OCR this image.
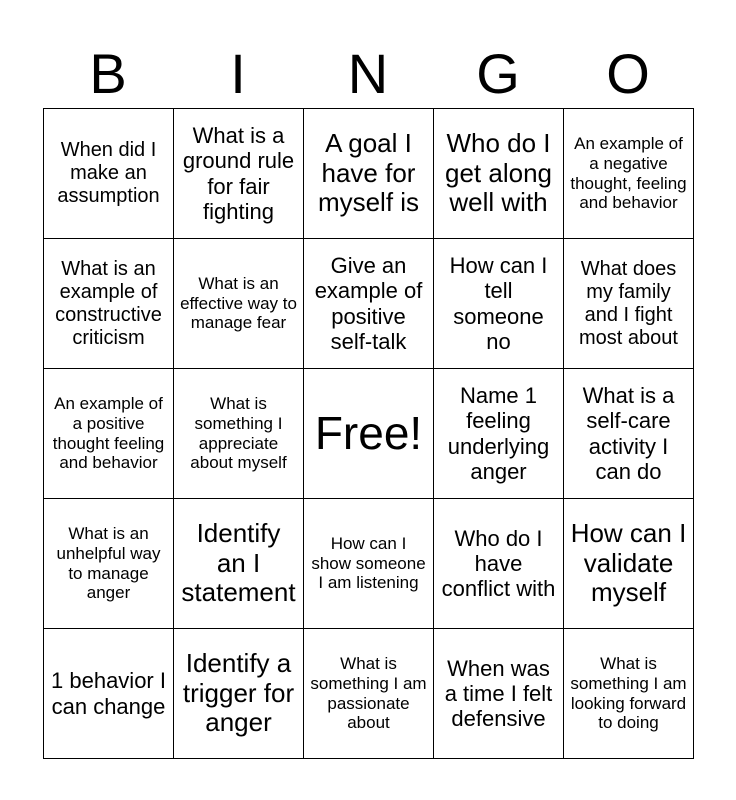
B	I	N	G	O
When did I make an assumption	What is a ground rule for fair fighting	A goal I have for myself is	Who do I get along well with	An example of a negative thought, feeling and behavior
What is an example of constructive criticism	What is an effective way to manage fear	Give an example of positive self-talk	How can I tell someone no	What does my family and I fight most about
An example of a positive thought feeling and behavior	What is something I appreciate about myself	Free!	Name 1 feeling underlying anger	What is a self-care activity I can do
What is an unhelpful way to manage anger	Identify an I statement	How can I show someone I am listening	Who do I have conflict with	How can I validate myself
1 behavior I can change	Identify a trigger for anger	What is something I am passionate about	When was a time I felt defensive	What is something I am looking forward to doing
